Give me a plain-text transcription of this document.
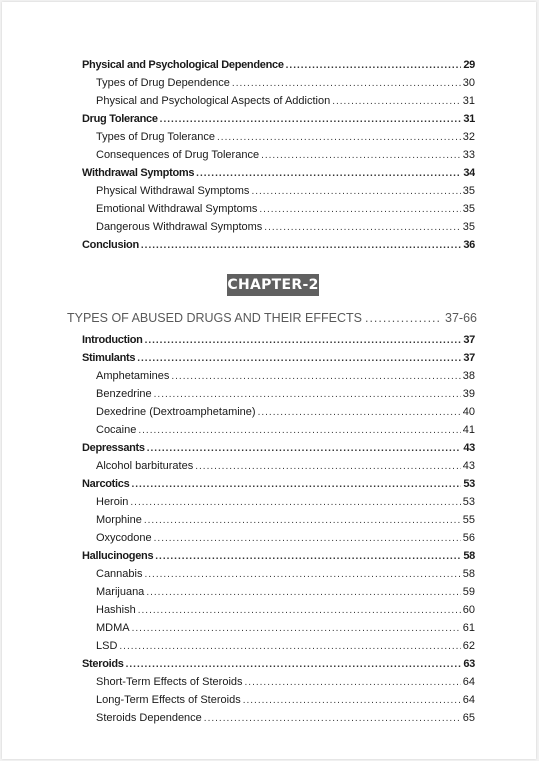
Physical and Psychological Dependence .....	29
Types of Drug Dependence .....	30
Physical and Psychological Aspects of Addiction .....	31
Drug Tolerance .....	31
Types of Drug Tolerance .....	32
Consequences of Drug Tolerance .....	33
Withdrawal Symptoms .....	34
Physical Withdrawal Symptoms .....	35
Emotional Withdrawal Symptoms .....	35
Dangerous Withdrawal Symptoms .....	35
Conclusion .....	36
CHAPTER-2
TYPES OF ABUSED DRUGS AND THEIR EFFECTS .....	37-66
Introduction .....	37
Stimulants .....	37
Amphetamines .....	38
Benzedrine .....	39
Dexedrine (Dextroamphetamine) .....	40
Cocaine .....	41
Depressants .....	43
Alcohol barbiturates .....	43
Narcotics .....	53
Heroin .....	53
Morphine .....	55
Oxycodone .....	56
Hallucinogens .....	58
Cannabis .....	58
Marijuana .....	59
Hashish .....	60
MDMA .....	61
LSD .....	62
Steroids .....	63
Short-Term Effects of Steroids .....	64
Long-Term Effects of Steroids .....	64
Steroids Dependence .....	65
